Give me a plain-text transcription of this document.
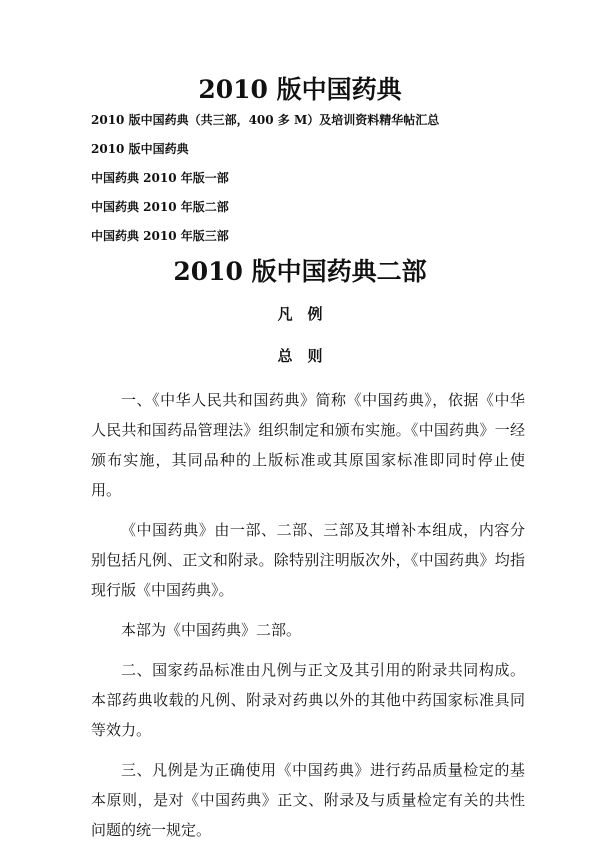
2010 版中国药典
2010 版中国药典（共三部，400 多 M）及培训资料精华帖汇总
2010 版中国药典
中国药典 2010 年版一部
中国药典 2010 年版二部
中国药典 2010 年版三部
2010 版中国药典二部
凡　例
总　则

一、《中华人民共和国药典》简称《中国药典》，依据《中华人民共和国药品管理法》组织制定和颁布实施。《中国药典》一经颁布实施，其同品种的上版标准或其原国家标准即同时停止使用。

《中国药典》由一部、二部、三部及其增补本组成，内容分别包括凡例、正文和附录。除特别注明版次外，《中国药典》均指现行版《中国药典》。

本部为《中国药典》二部。

二、国家药品标准由凡例与正文及其引用的附录共同构成。本部药典收载的凡例、附录对药典以外的其他中药国家标准具同等效力。

三、凡例是为正确使用《中国药典》进行药品质量检定的基本原则，是对《中国药典》正文、附录及与质量检定有关的共性问题的统一规定。
